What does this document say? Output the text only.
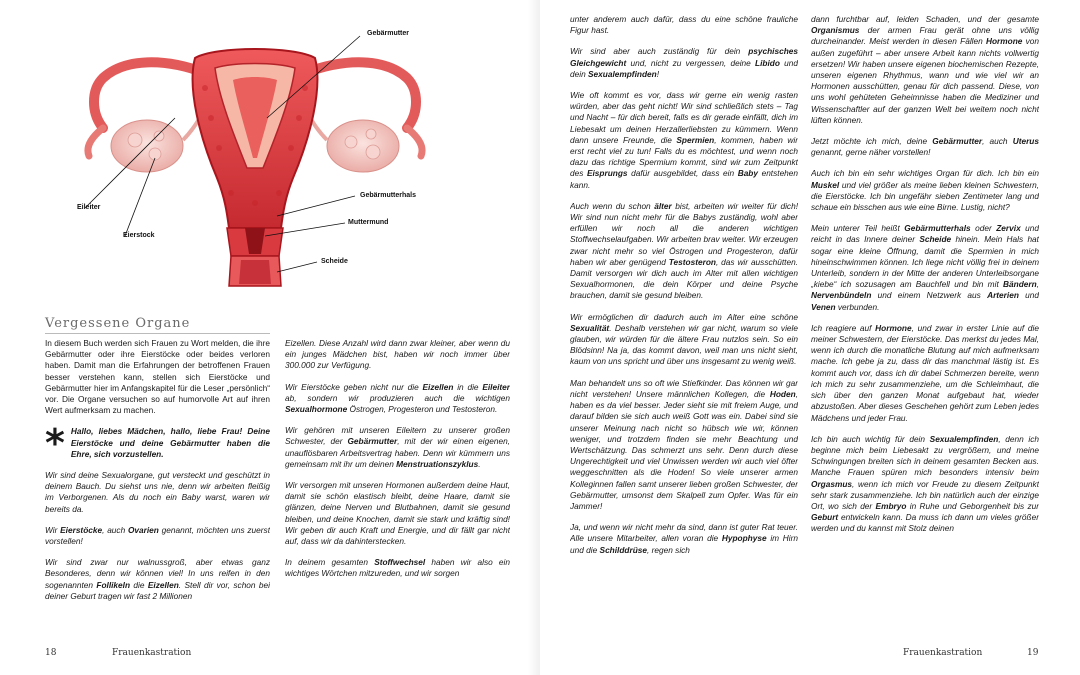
Gebärmutter
Eileiter
Eierstock
Gebärmutterhals
Muttermund
Scheide
Vergessene Organe

In diesem Buch werden sich Frauen zu Wort melden, die ihre Gebärmutter oder ihre Eierstöcke oder beides verloren haben. Damit man die Erfahrungen der betroffenen Frauen besser verstehen kann, stellen sich Eierstöcke und Gebärmutter hier im Anfangskapitel für die Leser „persönlich“ vor. Die Organe versuchen so auf humorvolle Art auf ihren Wert aufmerksam zu machen.

* Hallo, liebes Mädchen, hallo, liebe Frau! Deine Eierstöcke und deine Gebärmutter haben die Ehre, sich vorzustellen.

Wir sind deine Sexualorgane, gut versteckt und geschützt in deinem Bauch. Du siehst uns nie, denn wir arbeiten fleißig im Verborgenen. Als du noch ein Baby warst, waren wir bereits da.

Wir Eierstöcke, auch Ovarien genannt, möchten uns zuerst vorstellen!

Wir sind zwar nur walnussgroß, aber etwas ganz Besonderes, denn wir können viel! In uns reifen in den sogenannten Follikeln die Eizellen. Stell dir vor, schon bei deiner Geburt tragen wir fast 2 Millionen

Eizellen. Diese Anzahl wird dann zwar kleiner, aber wenn du ein junges Mädchen bist, haben wir noch immer über 300.000 zur Verfügung.

Wir Eierstöcke geben nicht nur die Eizellen in die Eileiter ab, sondern wir produzieren auch die wichtigen Sexualhormone Östrogen, Progesteron und Testosteron.

Wir gehören mit unseren Eileitern zu unserer großen Schwester, der Gebärmutter, mit der wir einen eigenen, unauflösbaren Arbeitsvertrag haben. Denn wir kümmern uns gemeinsam mit ihr um deinen Menstruationszyklus.

Wir versorgen mit unseren Hormonen außerdem deine Haut, damit sie schön elastisch bleibt, deine Haare, damit sie glänzen, deine Nerven und Blutbahnen, damit sie gesund bleiben, und deine Knochen, damit sie stark und kräftig sind! Wir geben dir auch Kraft und Energie, und dir fällt gar nicht auf, dass wir da dahinterstecken.

In deinem gesamten Stoffwechsel haben wir also ein wichtiges Wörtchen mitzureden, und wir sorgen

18	Frauenkastration

unter anderem auch dafür, dass du eine schöne frauliche Figur hast.

Wir sind aber auch zuständig für dein psychisches Gleichgewicht und, nicht zu vergessen, deine Libido und dein Sexualempfinden!

Wie oft kommt es vor, dass wir gerne ein wenig rasten würden, aber das geht nicht! Wir sind schließlich stets – Tag und Nacht – für dich bereit, falls es dir gerade einfällt, dich im Liebesakt um deinen Herzallerliebsten zu kümmern. Wenn dann unsere Freunde, die Spermien, kommen, haben wir erst recht viel zu tun! Falls du es möchtest, und wenn noch dazu das richtige Spermium kommt, sind wir zum Zeitpunkt des Eisprungs dafür ausgebildet, dass ein Baby entstehen kann.

Auch wenn du schon älter bist, arbeiten wir weiter für dich! Wir sind nun nicht mehr für die Babys zuständig, wohl aber erfüllen wir noch all die anderen wichtigen Stoffwechselaufgaben. Wir arbeiten brav weiter. Wir erzeugen zwar nicht mehr so viel Östrogen und Progesteron, dafür haben wir aber genügend Testosteron, das wir ausschütten. Damit versorgen wir dich auch im Alter mit allen wichtigen Sexualhormonen, die dein Körper und deine Psyche brauchen, damit sie gesund bleiben.

Wir ermöglichen dir dadurch auch im Alter eine schöne Sexualität. Deshalb verstehen wir gar nicht, warum so viele glauben, wir würden für die ältere Frau nutzlos sein. So ein Blödsinn! Na ja, das kommt davon, weil man uns nicht sieht, kaum von uns spricht und über uns insgesamt zu wenig weiß.

Man behandelt uns so oft wie Stiefkinder. Das können wir gar nicht verstehen! Unsere männlichen Kollegen, die Hoden, haben es da viel besser. Jeder sieht sie mit freiem Auge, und darauf bilden sie sich auch weiß Gott was ein. Dabei sind sie unserer Meinung nach nicht so hübsch wie wir, können weniger, und trotzdem finden sie mehr Beachtung und Wertschätzung. Das schmerzt uns sehr. Denn durch diese Ungerechtigkeit und viel Unwissen werden wir auch viel öfter weggeschnitten als die Hoden! So viele unserer armen Kolleginnen fallen samt unserer lieben großen Schwester, der Gebärmutter, umsonst dem Skalpell zum Opfer. Was für ein Jammer!

Ja, und wenn wir nicht mehr da sind, dann ist guter Rat teuer. Alle unsere Mitarbeiter, allen voran die Hypophyse im Hirn und die Schilddrüse, regen sich

dann furchtbar auf, leiden Schaden, und der gesamte Organismus der armen Frau gerät ohne uns völlig durcheinander. Meist werden in diesen Fällen Hormone von außen zugeführt – aber unsere Arbeit kann nichts vollwertig ersetzen! Wir haben unsere eigenen biochemischen Rezepte, unseren eigenen Rhythmus, wann und wie viel wir an Hormonen ausschütten, genau für dich passend. Diese, von uns wohl gehüteten Geheimnisse haben die Mediziner und Wissenschaftler auf der ganzen Welt bei weitem noch nicht lüften können.

Jetzt möchte ich mich, deine Gebärmutter, auch Uterus genannt, gerne näher vorstellen!

Auch ich bin ein sehr wichtiges Organ für dich. Ich bin ein Muskel und viel größer als meine lieben kleinen Schwestern, die Eierstöcke. Ich bin ungefähr sieben Zentimeter lang und schaue ein bisschen aus wie eine Birne. Lustig, nicht?

Mein unterer Teil heißt Gebärmutterhals oder Zervix und reicht in das Innere deiner Scheide hinein. Mein Hals hat sogar eine kleine Öffnung, damit die Spermien in mich hineinschwimmen können. Ich liege nicht völlig frei in deinem Unterleib, sondern in der Mitte der anderen Unterleibsorgane „kiebe“ ich sozusagen am Bauchfell und bin mit Bändern, Nervenbündeln und einem Netzwerk aus Arterien und Venen verbunden.

Ich reagiere auf Hormone, und zwar in erster Linie auf die meiner Schwestern, der Eierstöcke. Das merkst du jedes Mal, wenn ich durch die monatliche Blutung auf mich aufmerksam mache. Ich gebe ja zu, dass dir das manchmal lästig ist. Es kommt auch vor, dass ich dir dabei Schmerzen bereite, wenn ich mich zu sehr zusammenziehe, um die Schleimhaut, die sich über den ganzen Monat aufgebaut hat, wieder abzustoßen. Aber dieses Geschehen gehört zum Leben jedes Mädchens und jeder Frau.

Ich bin auch wichtig für dein Sexualempfinden, denn ich beginne mich beim Liebesakt zu vergrößern, und meine Schwingungen breiten sich in deinem gesamten Becken aus. Manche Frauen spüren mich besonders intensiv beim Orgasmus, wenn ich mich vor Freude zu diesem Zeitpunkt sehr stark zusammenziehe. Ich bin natürlich auch der einzige Ort, wo sich der Embryo in Ruhe und Geborgenheit bis zur Geburt entwickeln kann. Da muss ich dann um vieles größer werden und du kannst mit Stolz deinen

Frauenkastration	19
